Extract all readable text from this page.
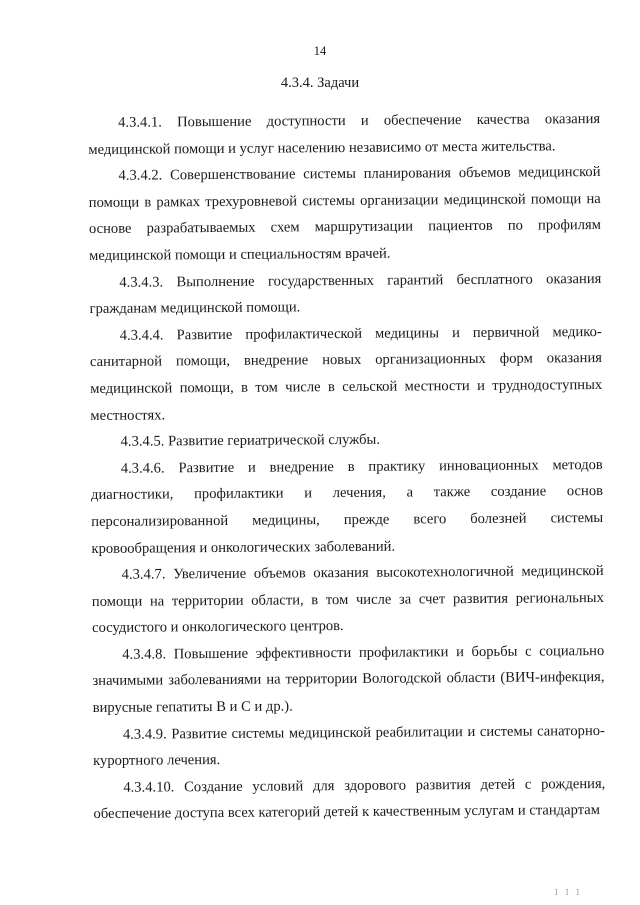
14
4.3.4. Задачи

4.3.4.1. Повышение доступности и обеспечение качества оказания медицинской помощи и услуг населению независимо от места жительства.

4.3.4.2. Совершенствование системы планирования объемов медицинской помощи в рамках трехуровневой системы организации медицинской помощи на основе разрабатываемых схем маршрутизации пациентов по профилям медицинской помощи и специальностям врачей.

4.3.4.3. Выполнение государственных гарантий бесплатного оказания гражданам медицинской помощи.

4.3.4.4. Развитие профилактической медицины и первичной медико-санитарной помощи, внедрение новых организационных форм оказания медицинской помощи, в том числе в сельской местности и труднодоступных местностях.

4.3.4.5. Развитие гериатрической службы.

4.3.4.6. Развитие и внедрение в практику инновационных методов диагностики, профилактики и лечения, а также создание основ персонализированной медицины, прежде всего болезней системы кровообращения и онкологических заболеваний.

4.3.4.7. Увеличение объемов оказания высокотехнологичной медицинской помощи на территории области, в том числе за счет развития региональных сосудистого и онкологического центров.

4.3.4.8. Повышение эффективности профилактики и борьбы с социально значимыми заболеваниями на территории Вологодской области (ВИЧ-инфекция, вирусные гепатиты В и С и др.).

4.3.4.9. Развитие системы медицинской реабилитации и системы санаторно-курортного лечения.

4.3.4.10. Создание условий для здорового развития детей с рождения, обеспечение доступа всех категорий детей к качественным услугам и стандартам

1 1 1
